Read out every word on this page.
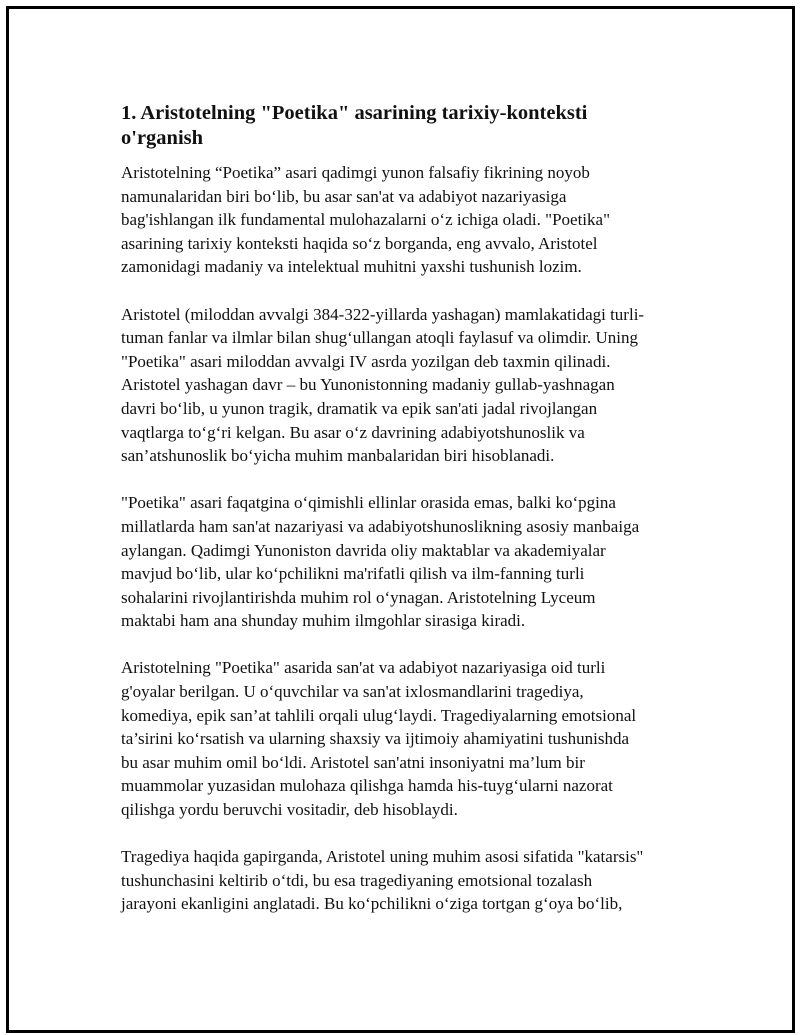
1. Aristotelning "Poetika" asarining tarixiy-konteksti
o'rganish

Aristotelning “Poetika” asari qadimgi yunon falsafiy fikrining noyob
namunalaridan biri bo‘lib, bu asar san'at va adabiyot nazariyasiga
bag'ishlangan ilk fundamental mulohazalarni o‘z ichiga oladi. "Poetika"
asarining tarixiy konteksti haqida so‘z borganda, eng avvalo, Aristotel
zamonidagi madaniy va intelektual muhitni yaxshi tushunish lozim.

Aristotel (miloddan avvalgi 384-322-yillarda yashagan) mamlakatidagi turli-
tuman fanlar va ilmlar bilan shug‘ullangan atoqli faylasuf va olimdir. Uning
"Poetika" asari miloddan avvalgi IV asrda yozilgan deb taxmin qilinadi.
Aristotel yashagan davr – bu Yunonistonning madaniy gullab-yashnagan
davri bo‘lib, u yunon tragik, dramatik va epik san'ati jadal rivojlangan
vaqtlarga to‘g‘ri kelgan. Bu asar o‘z davrining adabiyotshunoslik va
san’atshunoslik bo‘yicha muhim manbalaridan biri hisoblanadi.

"Poetika" asari faqatgina o‘qimishli ellinlar orasida emas, balki ko‘pgina
millatlarda ham san'at nazariyasi va adabiyotshunoslikning asosiy manbaiga
aylangan. Qadimgi Yunoniston davrida oliy maktablar va akademiyalar
mavjud bo‘lib, ular ko‘pchilikni ma'rifatli qilish va ilm-fanning turli
sohalarini rivojlantirishda muhim rol o‘ynagan. Aristotelning Lyceum
maktabi ham ana shunday muhim ilmgohlar sirasiga kiradi.

Aristotelning "Poetika" asarida san'at va adabiyot nazariyasiga oid turli
g'oyalar berilgan. U o‘quvchilar va san'at ixlosmandlarini tragediya,
komediya, epik san’at tahlili orqali ulug‘laydi. Tragediyalarning emotsional
ta’sirini ko‘rsatish va ularning shaxsiy va ijtimoiy ahamiyatini tushunishda
bu asar muhim omil bo‘ldi. Aristotel san'atni insoniyatni ma’lum bir
muammolar yuzasidan mulohaza qilishga hamda his-tuyg‘ularni nazorat
qilishga yordu beruvchi vositadir, deb hisoblaydi.

Tragediya haqida gapirganda, Aristotel uning muhim asosi sifatida "katarsis"
tushunchasini keltirib o‘tdi, bu esa tragediyaning emotsional tozalash
jarayoni ekanligini anglatadi. Bu ko‘pchilikni o‘ziga tortgan g‘oya bo‘lib,
